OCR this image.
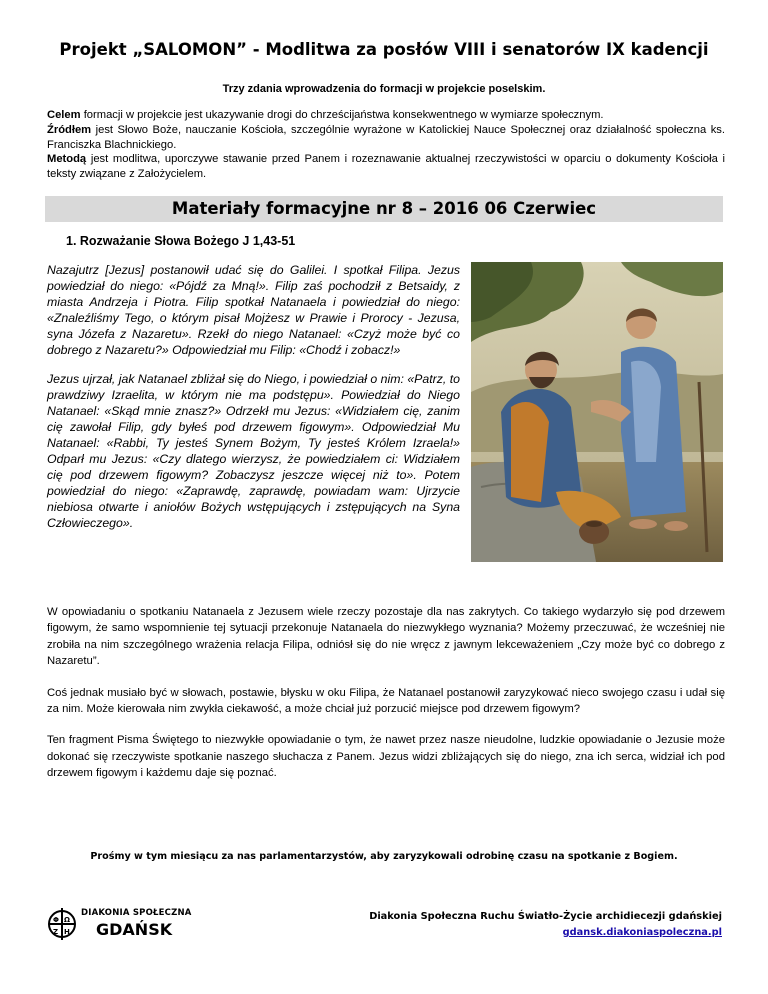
Projekt „SALOMON” - Modlitwa za posłów VIII i senatorów IX kadencji
Trzy zdania wprowadzenia do formacji w projekcie poselskim.

Celem formacji w projekcie jest ukazywanie drogi do chrześcijaństwa konsekwentnego w wymiarze społecznym.

Źródłem jest Słowo Boże, nauczanie Kościoła, szczególnie wyrażone w Katolickiej Nauce Społecznej oraz działalność społeczna ks. Franciszka Blachnickiego.

Metodą jest modlitwa, uporczywe stawanie przed Panem i rozeznawanie aktualnej rzeczywistości w oparciu o dokumenty Kościoła i teksty związane z Założycielem.

Materiały formacyjne nr 8 – 2016 06 Czerwiec
1. Rozważanie Słowa Bożego J 1,43-51

Nazajutrz [Jezus] postanowił udać się do Galilei. I spotkał Filipa. Jezus powiedział do niego: «Pójdź za Mną!». Filip zaś pochodził z Betsaidy, z miasta Andrzeja i Piotra. Filip spotkał Natanaela i powiedział do niego: «Znaleźliśmy Tego, o którym pisał Mojżesz w Prawie i Prorocy - Jezusa, syna Józefa z Nazaretu». Rzekł do niego Natanael: «Czyż może być co dobrego z Nazaretu?» Odpowiedział mu Filip: «Chodź i zobacz!»

Jezus ujrzał, jak Natanael zbliżał się do Niego, i powiedział o nim: «Patrz, to prawdziwy Izraelita, w którym nie ma podstępu». Powiedział do Niego Natanael: «Skąd mnie znasz?» Odrzekł mu Jezus: «Widziałem cię, zanim cię zawołał Filip, gdy byłeś pod drzewem figowym». Odpowiedział Mu Natanael: «Rabbi, Ty jesteś Synem Bożym, Ty jesteś Królem Izraela!» Odparł mu Jezus: «Czy dlatego wierzysz, że powiedziałem ci: Widziałem cię pod drzewem figowym? Zobaczysz jeszcze więcej niż to». Potem powiedział do niego: «Zaprawdę, zaprawdę, powiadam wam: Ujrzycie niebiosa otwarte i aniołów Bożych wstępujących i zstępujących na Syna Człowieczego».

W opowiadaniu o spotkaniu Natanaela z Jezusem wiele rzeczy pozostaje dla nas zakrytych. Co takiego wydarzyło się pod drzewem figowym, że samo wspomnienie tej sytuacji przekonuje Natanaela do niezwykłego wyznania? Możemy przeczuwać, że wcześniej nie zrobiła na nim szczególnego wrażenia relacja Filipa, odniósł się do nie wręcz z jawnym lekceważeniem „Czy może być co dobrego z Nazaretu”.

Coś jednak musiało być w słowach, postawie, błysku w oku Filipa, że Natanael postanowił zaryzykować nieco swojego czasu i udał się za nim. Może kierowała nim zwykła ciekawość, a może chciał już porzucić miejsce pod drzewem figowym?

Ten fragment Pisma Świętego to niezwykłe opowiadanie o tym, że nawet przez nasze nieudolne, ludzkie opowiadanie o Jezusie może dokonać się rzeczywiste spotkanie naszego słuchacza z Panem. Jezus widzi zbliżających się do niego, zna ich serca, widział ich pod drzewem figowym i każdemu daje się poznać.

Prośmy w tym miesiącu za nas parlamentarzystów, aby zaryzykowali odrobinę czasu na spotkanie z Bogiem.
Φ Ω
Z H
DIAKONIA SPOŁECZNA
GDAŃSK
Diakonia Społeczna Ruchu Światło-Życie archidiecezji gdańskiej
gdansk.diakoniaspoleczna.pl
